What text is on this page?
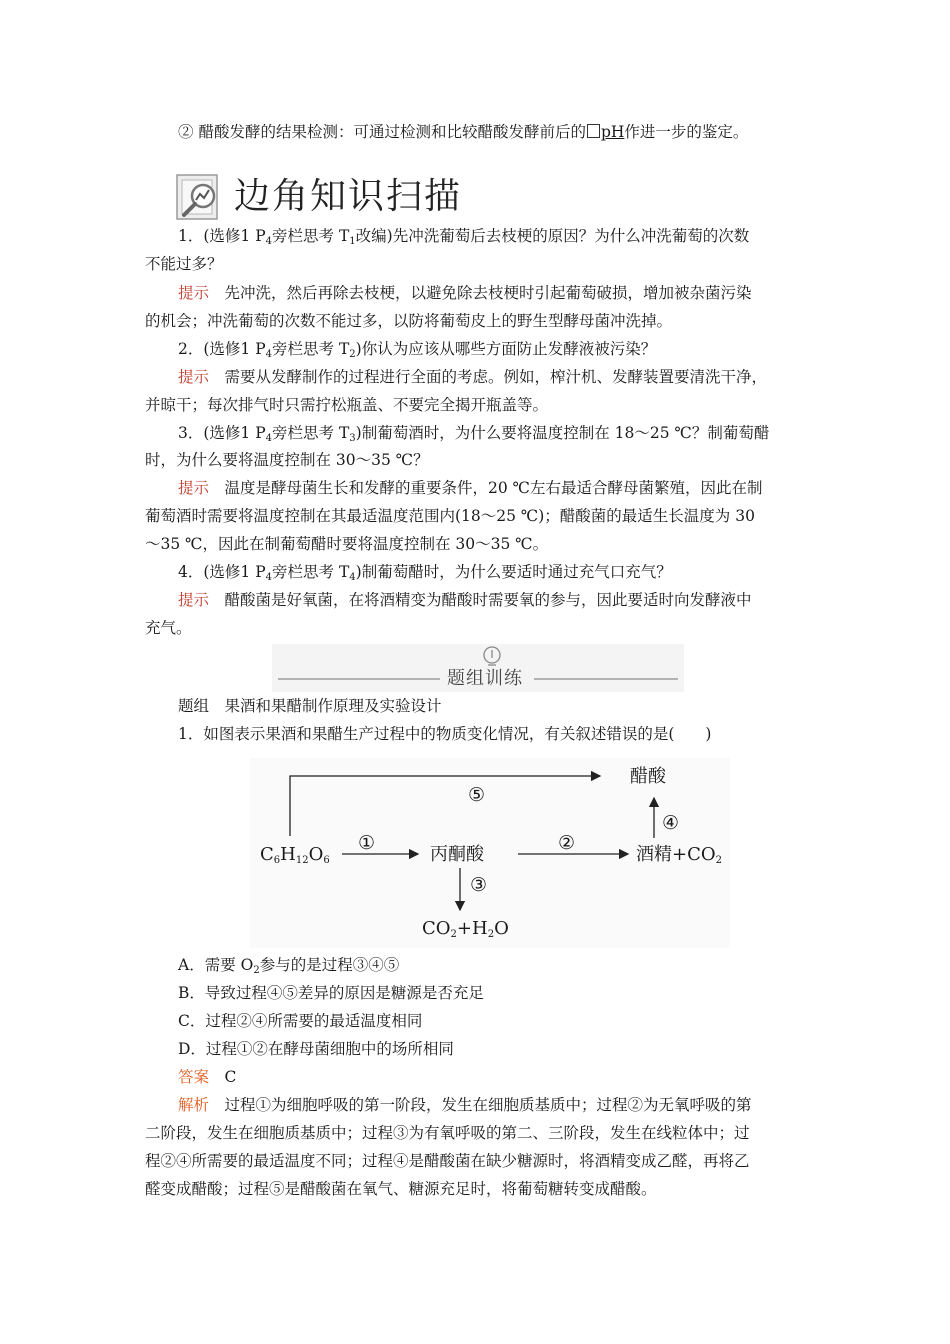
② 醋酸发酵的结果检测：可通过检测和比较醋酸发酵前后的 pH作进一步的鉴定。
边角知识扫描
1．(选修1 $P_4$旁栏思考 $T_1$改编)先冲洗葡萄后去枝梗的原因？为什么冲洗葡萄的次数
不能过多？
提示　先冲洗，然后再除去枝梗，以避免除去枝梗时引起葡萄破损，增加被杂菌污染
的机会；冲洗葡萄的次数不能过多，以防将葡萄皮上的野生型酵母菌冲洗掉。
2．(选修1 $P_4$旁栏思考 $T_2$)你认为应该从哪些方面防止发酵液被污染？
提示　需要从发酵制作的过程进行全面的考虑。例如，榨汁机、发酵装置要清洗干净，
并晾干；每次排气时只需拧松瓶盖、不要完全揭开瓶盖等。
3．(选修1 $P_4$旁栏思考 $T_3$)制葡萄酒时，为什么要将温度控制在 18～25 ℃？制葡萄醋
时，为什么要将温度控制在 30～35 ℃？
提示　温度是酵母菌生长和发酵的重要条件，20 ℃左右最适合酵母菌繁殖，因此在制
葡萄酒时需要将温度控制在其最适温度范围内(18～25 ℃)；醋酸菌的最适生长温度为 30
～35 ℃，因此在制葡萄醋时要将温度控制在 30～35 ℃。
4．(选修1 $P_4$旁栏思考 $T_4$)制葡萄醋时，为什么要适时通过充气口充气？
提示　醋酸菌是好氧菌，在将酒精变为醋酸时需要氧的参与，因此要适时向发酵液中
充气。
题组训练
题组　果酒和果醋制作原理及实验设计
1．如图表示果酒和果醋生产过程中的物质变化情况，有关叙述错误的是(　　)
$C_6H_{12}O_6$	丙酮酸	酒精$+CO_2$
醋酸
$CO_2+H_2O$
①	②
③
④
⑤
A．需要 $O_2$参与的是过程③④⑤
B．导致过程④⑤差异的原因是糖源是否充足
C．过程②④所需要的最适温度相同
D．过程①②在酵母菌细胞中的场所相同
答案　C
解析　过程①为细胞呼吸的第一阶段，发生在细胞质基质中；过程②为无氧呼吸的第
二阶段，发生在细胞质基质中；过程③为有氧呼吸的第二、三阶段，发生在线粒体中；过
程②④所需要的最适温度不同；过程④是醋酸菌在缺少糖源时，将酒精变成乙醛，再将乙
醛变成醋酸；过程⑤是醋酸菌在氧气、糖源充足时，将葡萄糖转变成醋酸。
